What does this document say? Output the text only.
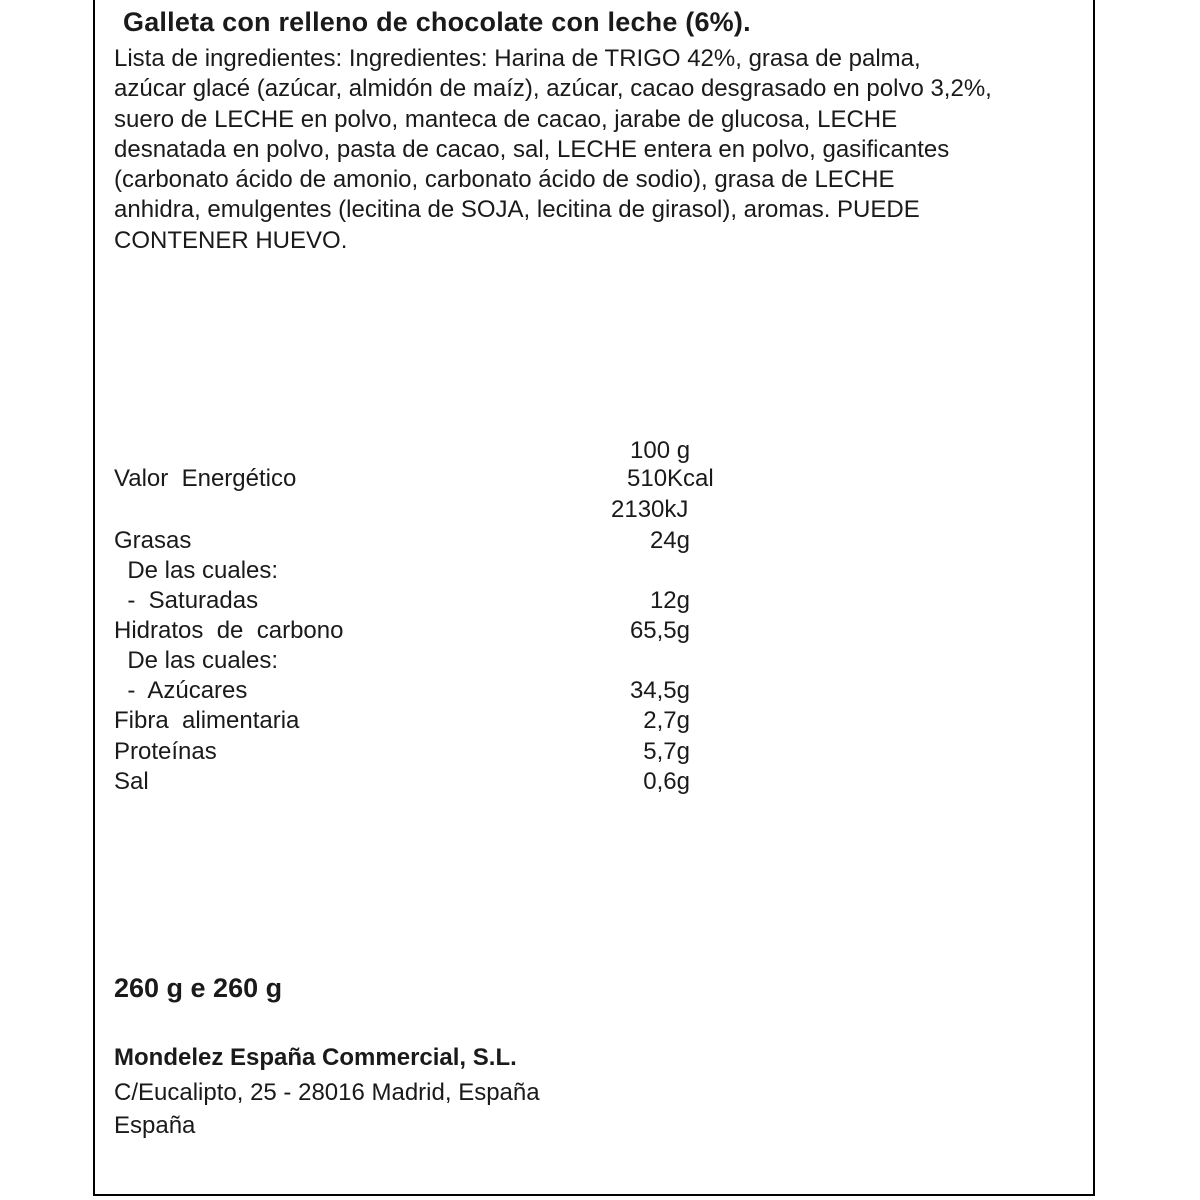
Galleta con relleno de chocolate con leche (6%).
Lista de ingredientes: Ingredientes: Harina de TRIGO 42%, grasa de palma,
azúcar glacé (azúcar, almidón de maíz), azúcar, cacao desgrasado en polvo 3,2%,
suero de LECHE en polvo, manteca de cacao, jarabe de glucosa, LECHE
desnatada en polvo, pasta de cacao, sal, LECHE entera en polvo, gasificantes
(carbonato ácido de amonio, carbonato ácido de sodio), grasa de LECHE
anhidra, emulgentes (lecitina de SOJA, lecitina de girasol), aromas. PUEDE
CONTENER HUEVO.
100 g
Valor  Energético	510Kcal
2130kJ
Grasas	24g
De las cuales:
-  Saturadas	12g
Hidratos  de  carbono	65,5g
De las cuales:
-  Azúcares	34,5g
Fibra  alimentaria	2,7g
Proteínas	5,7g
Sal	0,6g
260 g e 260 g
Mondelez España Commercial, S.L.
C/Eucalipto, 25 - 28016 Madrid, España
España
